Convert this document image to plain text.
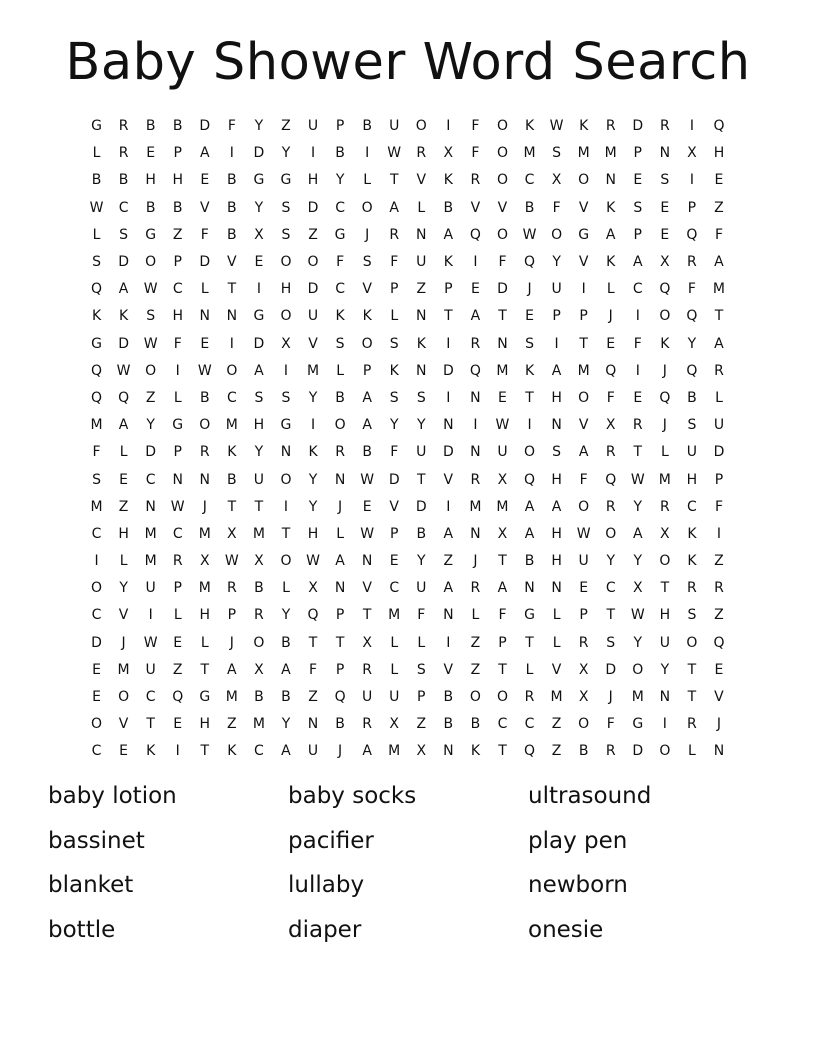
Baby Shower Word Search
G	R	B	B	D	F	Y	Z	U	P	B	U	O	I	F	O	K	W	K	R	D	R	I	Q
L	R	E	P	A	I	D	Y	I	B	I	W	R	X	F	O	M	S	M	M	P	N	X	H
B	B	H	H	E	B	G	G	H	Y	L	T	V	K	R	O	C	X	O	N	E	S	I	E
W	C	B	B	V	B	Y	S	D	C	O	A	L	B	V	V	B	F	V	K	S	E	P	Z
L	S	G	Z	F	B	X	S	Z	G	J	R	N	A	Q	O	W	O	G	A	P	E	Q	F
S	D	O	P	D	V	E	O	O	F	S	F	U	K	I	F	Q	Y	V	K	A	X	R	A
Q	A	W	C	L	T	I	H	D	C	V	P	Z	P	E	D	J	U	I	L	C	Q	F	M
K	K	S	H	N	N	G	O	U	K	K	L	N	T	A	T	E	P	P	J	I	O	Q	T
G	D	W	F	E	I	D	X	V	S	O	S	K	I	R	N	S	I	T	E	F	K	Y	A
Q	W	O	I	W	O	A	I	M	L	P	K	N	D	Q	M	K	A	M	Q	I	J	Q	R
Q	Q	Z	L	B	C	S	S	Y	B	A	S	S	I	N	E	T	H	O	F	E	Q	B	L
M	A	Y	G	O	M	H	G	I	O	A	Y	Y	N	I	W	I	N	V	X	R	J	S	U
F	L	D	P	R	K	Y	N	K	R	B	F	U	D	N	U	O	S	A	R	T	L	U	D
S	E	C	N	N	B	U	O	Y	N	W	D	T	V	R	X	Q	H	F	Q	W	M	H	P
M	Z	N	W	J	T	T	I	Y	J	E	V	D	I	M	M	A	A	O	R	Y	R	C	F
C	H	M	C	M	X	M	T	H	L	W	P	B	A	N	X	A	H	W	O	A	X	K	I
I	L	M	R	X	W	X	O	W	A	N	E	Y	Z	J	T	B	H	U	Y	Y	O	K	Z
O	Y	U	P	M	R	B	L	X	N	V	C	U	A	R	A	N	N	E	C	X	T	R	R
C	V	I	L	H	P	R	Y	Q	P	T	M	F	N	L	F	G	L	P	T	W	H	S	Z
D	J	W	E	L	J	O	B	T	T	X	L	L	I	Z	P	T	L	R	S	Y	U	O	Q
E	M	U	Z	T	A	X	A	F	P	R	L	S	V	Z	T	L	V	X	D	O	Y	T	E
E	O	C	Q	G	M	B	B	Z	Q	U	U	P	B	O	O	R	M	X	J	M	N	T	V
O	V	T	E	H	Z	M	Y	N	B	R	X	Z	B	B	C	C	Z	O	F	G	I	R	J
C	E	K	I	T	K	C	A	U	J	A	M	X	N	K	T	Q	Z	B	R	D	O	L	N
baby lotion	baby socks	ultrasound
bassinet	pacifier	play pen
blanket	lullaby	newborn
bottle	diaper	onesie
